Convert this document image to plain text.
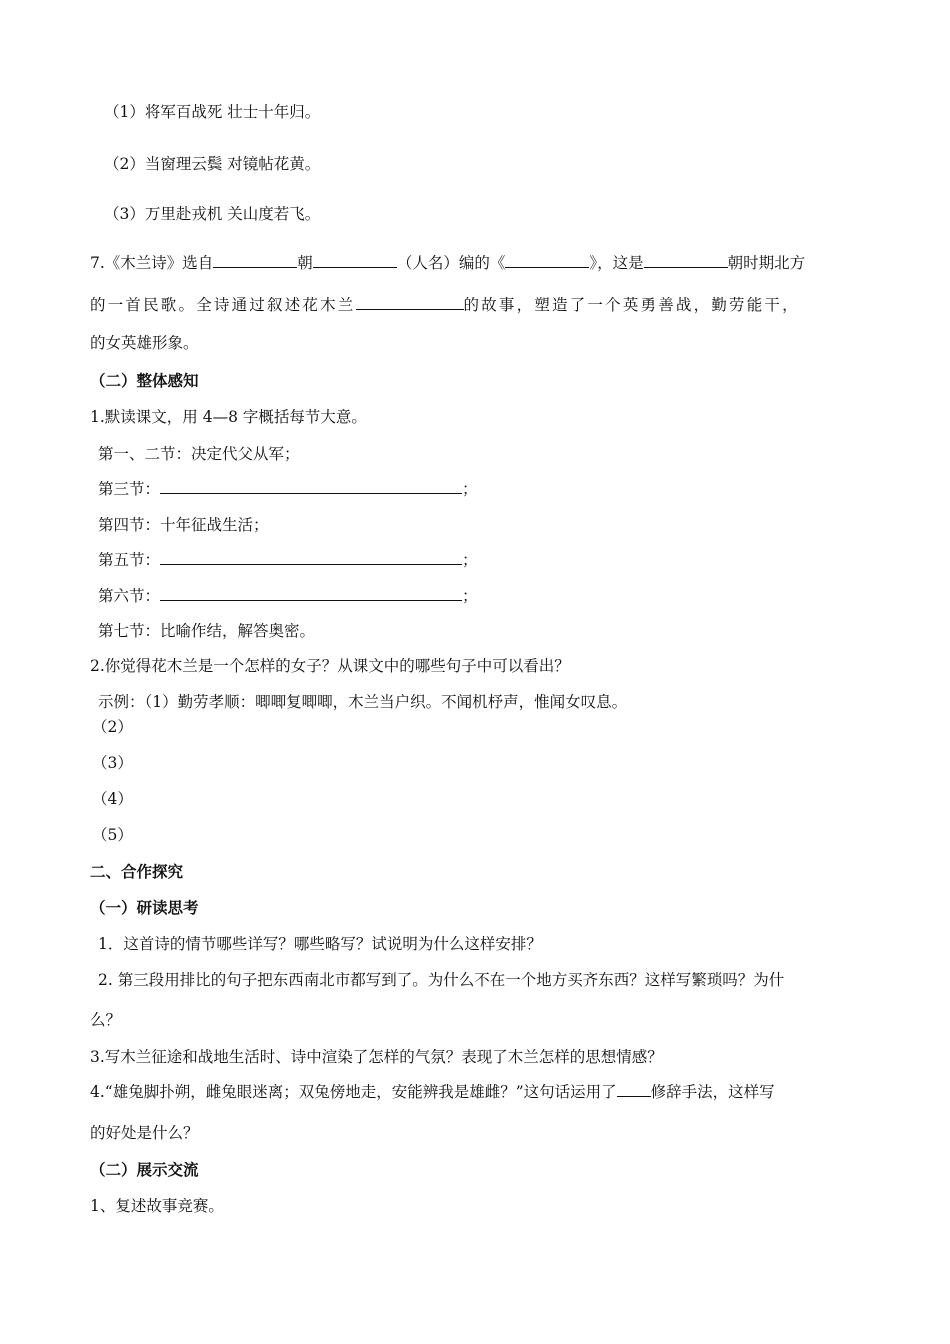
（1）将军百战死 壮士十年归。
（2）当窗理云鬓 对镜帖花黄。
（3）万里赴戎机 关山度若飞。
7.《木兰诗》选自	朝	（人名）编的《	》，这是	朝时期北方
的一首民歌。全诗通过叙述花木兰	的故事，塑造了一个英勇善战，勤劳能干，
的女英雄形象。
（二）整体感知
1.默读课文，用 4—8 字概括每节大意。
第一、二节：决定代父从军；
第三节：	；
第四节：十年征战生活；
第五节：	；
第六节：	；
第七节：比喻作结，解答奥密。
2.你觉得花木兰是一个怎样的女子？从课文中的哪些句子中可以看出？
示例：（1）勤劳孝顺：唧唧复唧唧，木兰当户织。不闻机杼声，惟闻女叹息。
（2）
（3）
（4）
（5）
二、合作探究
（一）研读思考
1．这首诗的情节哪些详写？哪些略写？试说明为什么这样安排？
2. 第三段用排比的句子把东西南北市都写到了。为什么不在一个地方买齐东西？这样写繁琐吗？为什
么？
3.写木兰征途和战地生活时、诗中渲染了怎样的气氛？表现了木兰怎样的思想情感？
4.“雄兔脚扑朔，雌兔眼迷离；双兔傍地走，安能辨我是雄雌？”这句话运用了 修辞手法，这样写
的好处是什么？
（二）展示交流
1、复述故事竞赛。
